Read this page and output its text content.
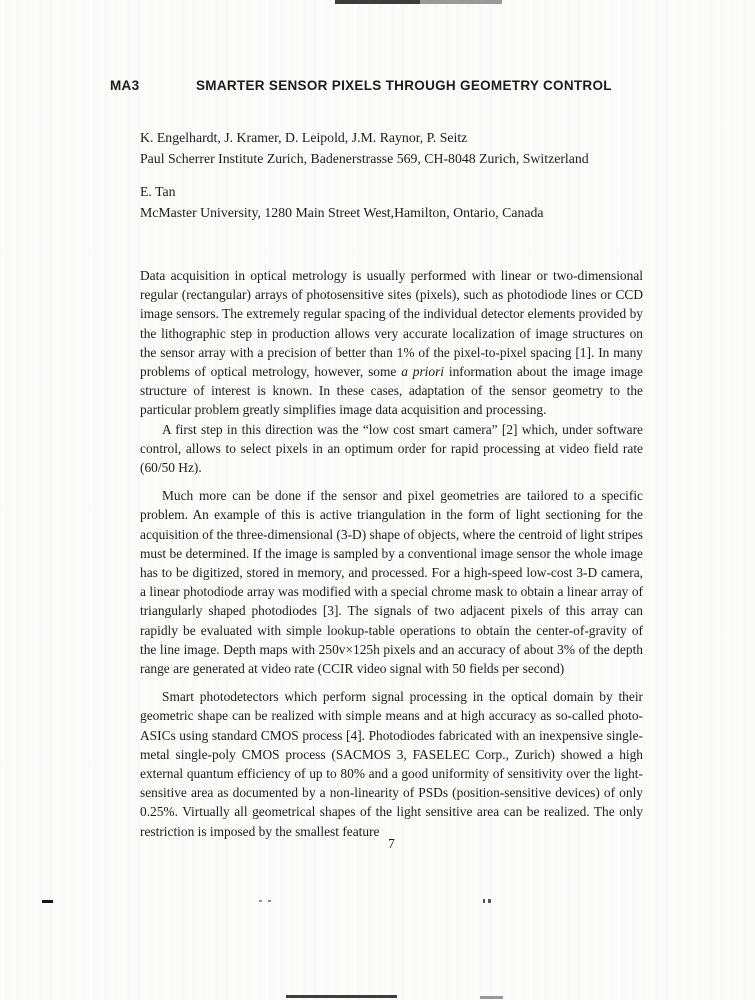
MA3	SMARTER SENSOR PIXELS THROUGH GEOMETRY CONTROL
K. Engelhardt, J. Kramer, D. Leipold, J.M. Raynor, P. Seitz
Paul Scherrer Institute Zurich, Badenerstrasse 569, CH-8048 Zurich, Switzerland
E. Tan
McMaster University, 1280 Main Street West,Hamilton, Ontario, Canada

Data acquisition in optical metrology is usually performed with linear or two-dimensional regular (rectangular) arrays of photosensitive sites (pixels), such as photodiode lines or CCD image sensors. The extremely regular spacing of the individual detector elements provided by the lithographic step in production allows very accurate localization of image structures on the sensor array with a precision of better than 1% of the pixel-to-pixel spacing [1]. In many problems of optical metrology, however, some a priori information about the image image structure of interest is known. In these cases, adaptation of the sensor geometry to the particular problem greatly simplifies image data acquisition and processing.

A first step in this direction was the “low cost smart camera” [2] which, under software control, allows to select pixels in an optimum order for rapid processing at video field rate (60/50 Hz).

Much more can be done if the sensor and pixel geometries are tailored to a specific problem. An example of this is active triangulation in the form of light sectioning for the acquisition of the three-dimensional (3-D) shape of objects, where the centroid of light stripes must be determined. If the image is sampled by a conventional image sensor the whole image has to be digitized, stored in memory, and processed. For a high-speed low-cost 3-D camera, a linear photodiode array was modified with a special chrome mask to obtain a linear array of triangularly shaped photodiodes [3]. The signals of two adjacent pixels of this array can rapidly be evaluated with simple lookup-table operations to obtain the center-of-gravity of the line image. Depth maps with 250v×125h pixels and an accuracy of about 3% of the depth range are generated at video rate (CCIR video signal with 50 fields per second)

Smart photodetectors which perform signal processing in the optical domain by their geometric shape can be realized with simple means and at high accuracy as so-called photo-ASICs using standard CMOS process [4]. Photodiodes fabricated with an inexpensive single-metal single-poly CMOS process (SACMOS 3, FASELEC Corp., Zurich) showed a high external quantum efficiency of up to 80% and a good uniformity of sensitivity over the light-sensitive area as documented by a non-linearity of PSDs (position-sensitive devices) of only 0.25%. Virtually all geometrical shapes of the light sensitive area can be realized. The only restriction is imposed by the smallest feature

7
